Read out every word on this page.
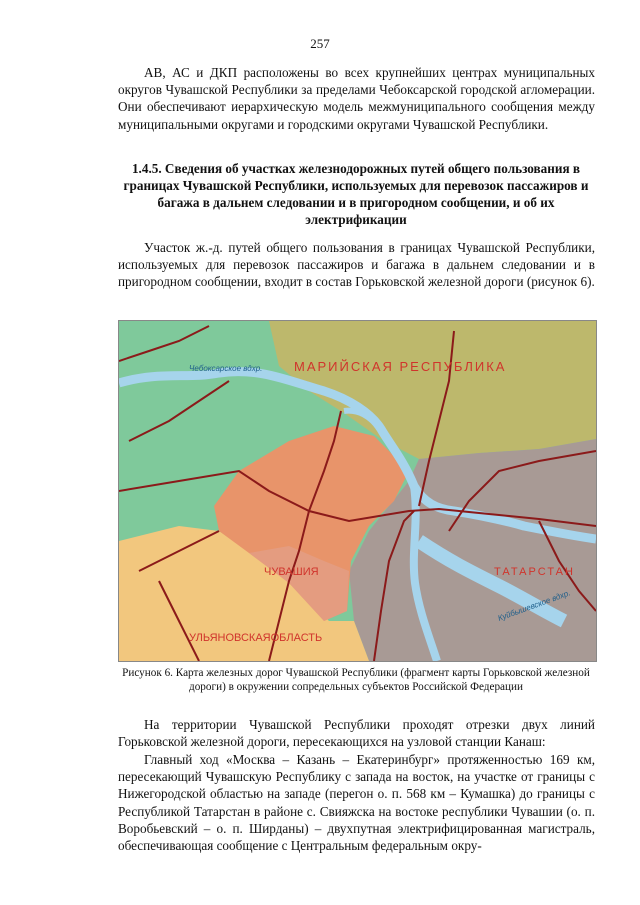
257

АВ, АС и ДКП расположены во всех крупнейших центрах муниципальных округов Чувашской Республики за пределами Чебоксарской городской агломерации. Они обеспечивают иерархическую модель межмуниципального сообщения между муниципальными округами и городскими округами Чувашской Республики.

1.4.5. Сведения об участках железнодорожных путей общего пользования в границах Чувашской Республики, используемых для перевозок пассажиров и багажа в дальнем следовании и в пригородном сообщении, и об их электрификации

Участок ж.-д. путей общего пользования в границах Чувашской Республики, используемых для перевозок пассажиров и багажа в дальнем следовании и в пригородном сообщении, входит в состав Горьковской железной дороги (рисунок 6).

МАРИЙСКАЯ РЕСПУБЛИКА
ЧУВАШИЯ	ТАТАРСТАН
УЛЬЯНОВСКАЯОБЛАСТЬ
Чебоксарское вдхр.
Куйбышевское вдхр.

Рисунок 6. Карта железных дорог Чувашской Республики (фрагмент карты Горьковской железной дороги) в окружении сопредельных субъектов Российской Федерации

На территории Чувашской Республики проходят отрезки двух линий Горьковской железной дороги, пересекающихся на узловой станции Канаш:

Главный ход «Москва – Казань – Екатеринбург» протяженностью 169 км, пересекающий Чувашскую Республику с запада на восток, на участке от границы с Нижегородской областью на западе (перегон о. п. 568 км – Кумашка) до границы с Республикой Татарстан в районе с. Свияжска на востоке республики Чувашии (о. п. Воробьевский – о. п. Ширданы) – двухпутная электрифицированная магистраль, обеспечивающая сообщение с Центральным федеральным окру-
